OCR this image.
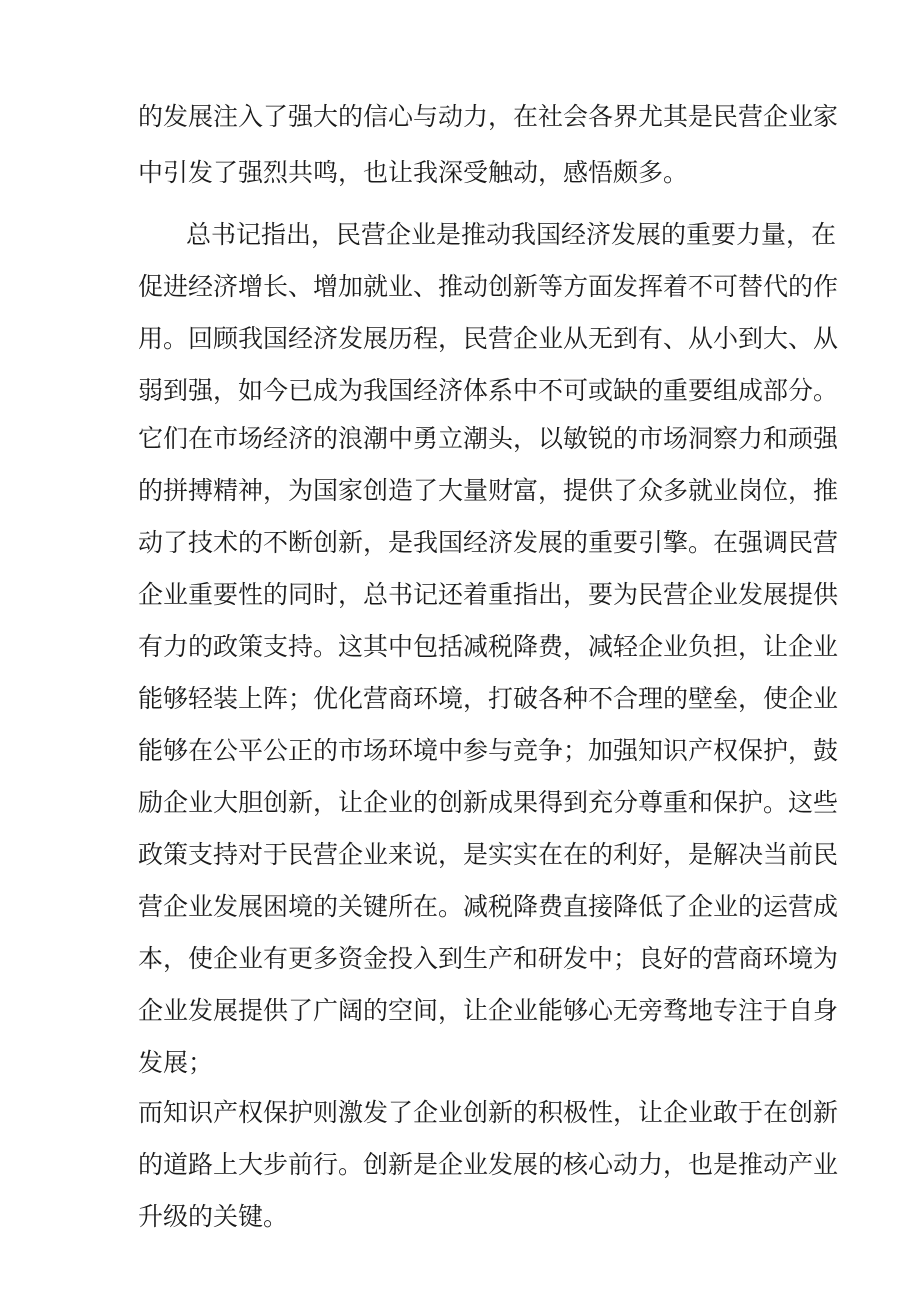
的发展注入了强大的信心与动力，在社会各界尤其是民营企业家
中引发了强烈共鸣，也让我深受触动，感悟颇多。
总书记指出，民营企业是推动我国经济发展的重要力量，在
促进经济增长、增加就业、推动创新等方面发挥着不可替代的作
用。回顾我国经济发展历程，民营企业从无到有、从小到大、从
弱到强，如今已成为我国经济体系中不可或缺的重要组成部分。
它们在市场经济的浪潮中勇立潮头，以敏锐的市场洞察力和顽强
的拼搏精神，为国家创造了大量财富，提供了众多就业岗位，推
动了技术的不断创新，是我国经济发展的重要引擎。在强调民营
企业重要性的同时，总书记还着重指出，要为民营企业发展提供
有力的政策支持。这其中包括减税降费，减轻企业负担，让企业
能够轻装上阵；优化营商环境，打破各种不合理的壁垒，使企业
能够在公平公正的市场环境中参与竞争；加强知识产权保护，鼓
励企业大胆创新，让企业的创新成果得到充分尊重和保护。这些
政策支持对于民营企业来说，是实实在在的利好，是解决当前民
营企业发展困境的关键所在。减税降费直接降低了企业的运营成
本，使企业有更多资金投入到生产和研发中；良好的营商环境为
企业发展提供了广阔的空间，让企业能够心无旁骛地专注于自身
发展；
而知识产权保护则激发了企业创新的积极性，让企业敢于在创新
的道路上大步前行。创新是企业发展的核心动力，也是推动产业
升级的关键。
